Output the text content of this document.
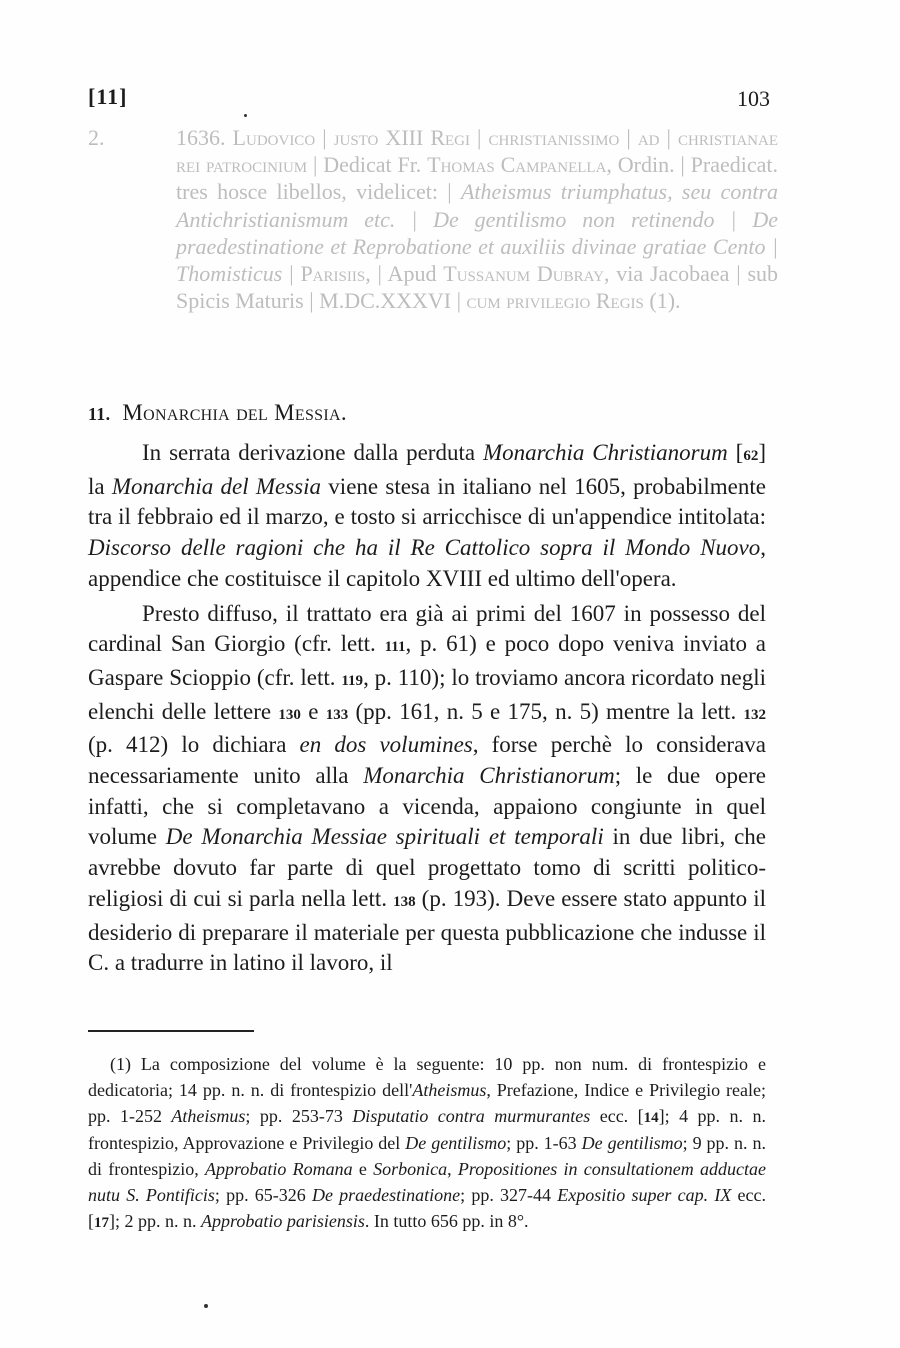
[11]	103
2.	1636. Ludovico | justo XIII Regi | christianissimo | ad | christianae rei patrocinium | Dedicat Fr. Thomas Campanella, Ordin. | Praedicat. tres hosce libellos, videlicet: | Atheismus triumphatus, seu contra Antichristianismum etc. | De gentilismo non retinendo | De praedestinatione et Reprobatione et auxiliis divinae gratiae Cento | Thomisticus | Parisiis, | Apud Tussanum Dubray, via Jacobaea | sub Spicis Maturis | M.DC.XXXVI | cum privilegio Regis (1).
11. Monarchia del Messia.

In serrata derivazione dalla perduta Monarchia Christianorum [62] la Monarchia del Messia viene stesa in italiano nel 1605, probabilmente tra il febbraio ed il marzo, e tosto si arricchisce di un'appendice intitolata: Discorso delle ragioni che ha il Re Cattolico sopra il Mondo Nuovo, appendice che costituisce il capitolo XVIII ed ultimo dell'opera.

Presto diffuso, il trattato era già ai primi del 1607 in possesso del cardinal San Giorgio (cfr. lett. 111, p. 61) e poco dopo veniva inviato a Gaspare Scioppio (cfr. lett. 119, p. 110); lo troviamo ancora ricordato negli elenchi delle lettere 130 e 133 (pp. 161, n. 5 e 175, n. 5) mentre la lett. 132 (p. 412) lo dichiara en dos volumines, forse perchè lo considerava necessariamente unito alla Monarchia Christianorum; le due opere infatti, che si completavano a vicenda, appaiono congiunte in quel volume De Monarchia Messiae spirituali et temporali in due libri, che avrebbe dovuto far parte di quel progettato tomo di scritti politico-religiosi di cui si parla nella lett. 138 (p. 193). Deve essere stato appunto il desiderio di preparare il materiale per questa pubblicazione che indusse il C. a tradurre in latino il lavoro, il

(1) La composizione del volume è la seguente: 10 pp. non num. di frontespizio e dedicatoria; 14 pp. n. n. di frontespizio dell'Atheismus, Prefazione, Indice e Privilegio reale; pp. 1-252 Atheismus; pp. 253-73 Disputatio contra murmurantes ecc. [14]; 4 pp. n. n. frontespizio, Approvazione e Privilegio del De gentilismo; pp. 1-63 De gentilismo; 9 pp. n. n. di frontespizio, Approbatio Romana e Sorbonica, Propositiones in consultationem adductae nutu S. Pontificis; pp. 65-326 De praedestinatione; pp. 327-44 Expositio super cap. IX ecc. [17]; 2 pp. n. n. Approbatio parisiensis. In tutto 656 pp. in 8°.
